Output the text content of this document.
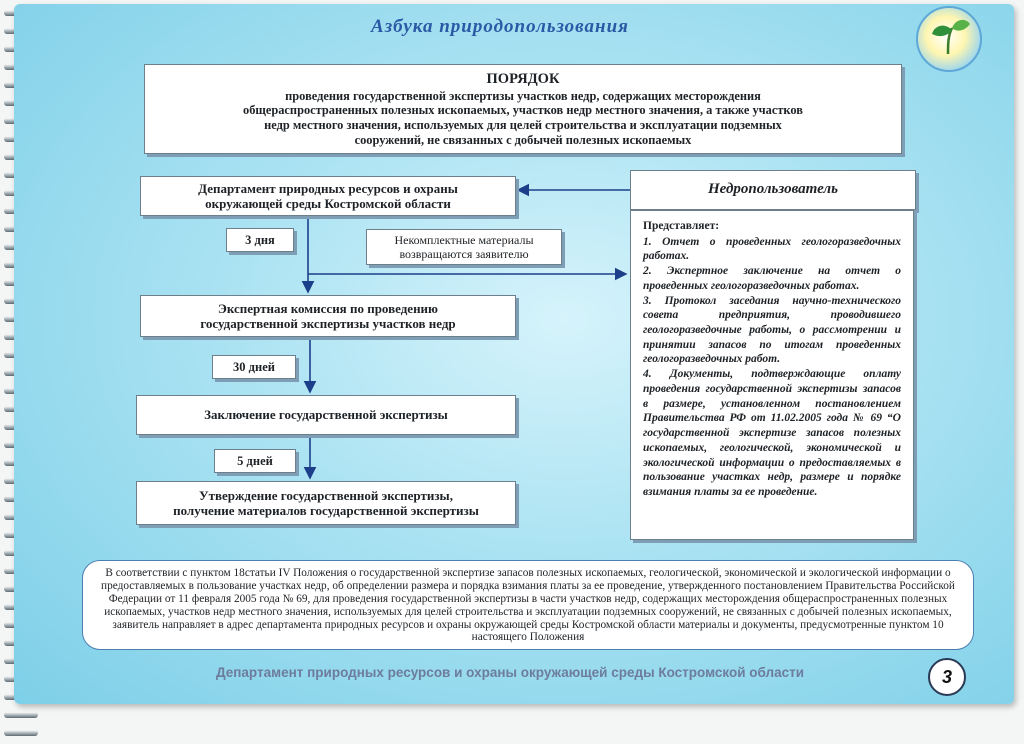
Азбука природопользования
ПОРЯДОК
проведения государственной экспертизы участков недр, содержащих месторождения
общераспространенных полезных ископаемых, участков недр местного значения, а также участков
недр местного значения, используемых для целей строительства и эксплуатации подземных
сооружений, не связанных с добычей полезных ископаемых
Департамент природных ресурсов и охраны
окружающей среды Костромской области
3 дня	Некомплектные материалы
возвращаются заявителю
Экспертная комиссия по проведению
государственной экспертизы участков недр
30 дней
Заключение государственной экспертизы
5 дней
Утверждение государственной экспертизы,
получение материалов государственной экспертизы
Недропользователь
Представляет:
1. Отчет о проведенных геологоразведочных работах.
2. Экспертное заключение на отчет о проведенных геологоразведочных работах.
3. Протокол заседания научно-технического совета предприятия, проводившего геологоразведочные работы, о рассмотрении и принятии запасов по итогам проведенных геологоразведочных работ.
4. Документы, подтверждающие оплату проведения государственной экспертизы запасов в размере, установленном постановлением Правительства РФ от 11.02.2005 года № 69 “О государственной экспертизе запасов полезных ископаемых, геологической, экономической и экологической информации о предоставляемых в пользование участках недр, размере и порядке взимания платы за ее проведение.
В соответствии с пунктом 18статьи IV Положения о государственной экспертизе запасов полезных ископаемых, геологической, экономической и экологической информации о предоставляемых в пользование участках недр, об определении размера и порядка взимания платы за ее проведение, утвержденного постановлением Правительства Российской Федерации от 11 февраля 2005 года № 69, для проведения государственной экспертизы в части участков недр, содержащих месторождения общераспространенных полезных ископаемых, участков недр местного значения, используемых для целей строительства и эксплуатации подземных сооружений, не связанных с добычей полезных ископаемых, заявитель направляет в адрес департамента природных ресурсов и охраны окружающей среды Костромской области материалы и документы, предусмотренные пунктом 10 настоящего Положения
Департамент природных ресурсов и охраны окружающей среды Костромской области	3
